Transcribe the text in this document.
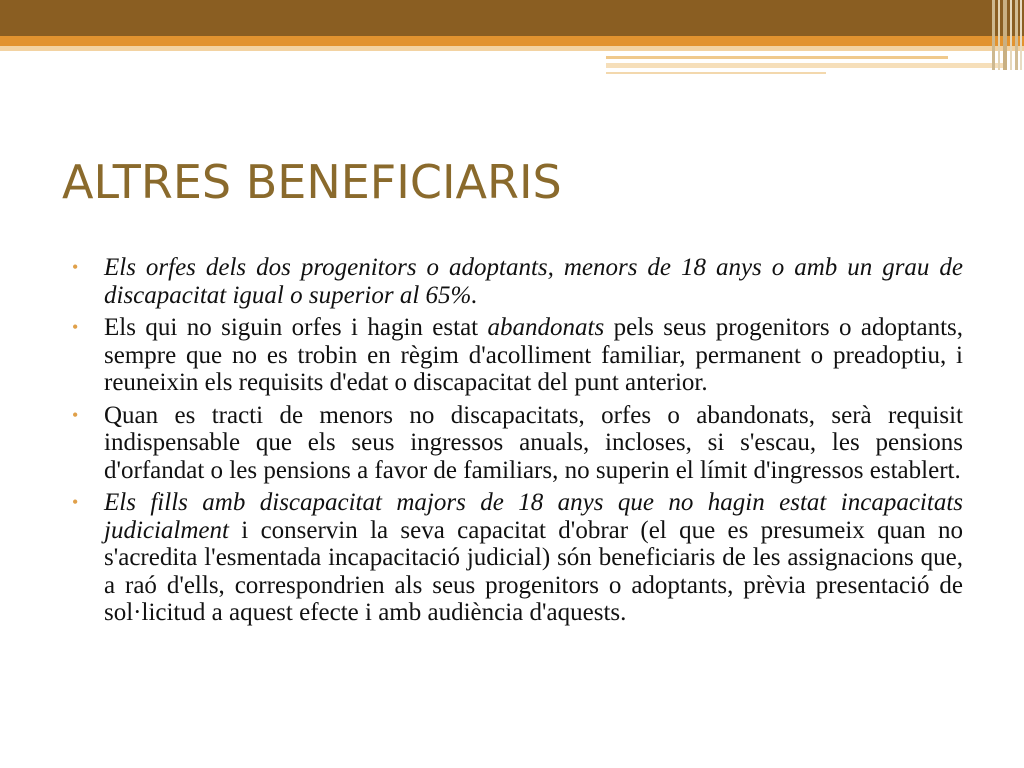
ALTRES BENEFICIARIS
• Els orfes dels dos progenitors o adoptants, menors de 18 anys o amb un grau de discapacitat igual o superior al 65%.
• Els qui no siguin orfes i hagin estat abandonats pels seus progenitors o adoptants, sempre que no es trobin en règim d'acolliment familiar, permanent o preadoptiu, i reuneixin els requisits d'edat o discapacitat del punt anterior.
• Quan es tracti de menors no discapacitats, orfes o abandonats, serà requisit indispensable que els seus ingressos anuals, incloses, si s'escau, les pensions d'orfandat o les pensions a favor de familiars, no superin el límit d'ingressos establert.
• Els fills amb discapacitat majors de 18 anys que no hagin estat incapacitats judicialment i conservin la seva capacitat d'obrar (el que es presumeix quan no s'acredita l'esmentada incapacitació judicial) són beneficiaris de les assignacions que, a raó d'ells, correspondrien als seus progenitors o adoptants, prèvia presentació de sol·licitud a aquest efecte i amb audiència d'aquests.
